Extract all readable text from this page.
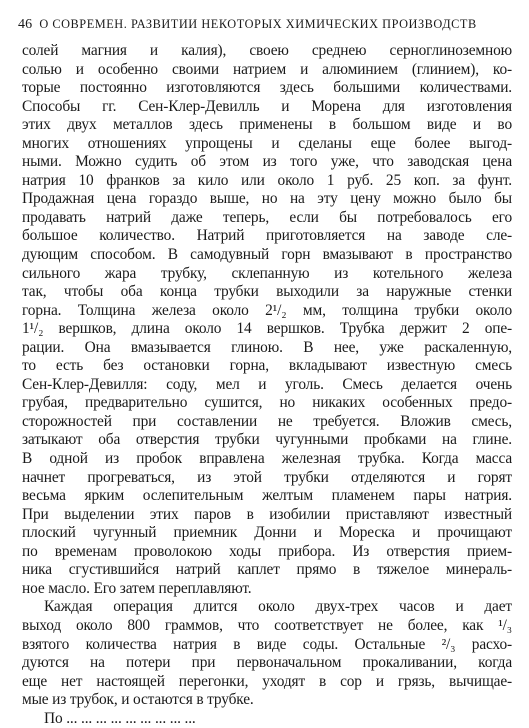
46 О СОВРЕМЕН. РАЗВИТИИ НЕКОТОРЫХ ХИМИЧЕСКИХ ПРОИЗВОДСТВ
солей магния и калия), своею среднею серноглиноземною
солью и особенно своими натрием и алюминием (глинием), ко-
торые постоянно изготовляются здесь большими количествами.
Способы гг. Сен-Клер-Девилль и Морена для изготовления
этих двух металлов здесь применены в большом виде и во
многих отношениях упрощены и сделаны еще более выгод-
ными. Можно судить об этом из того уже, что заводская цена
натрия 10 франков за кило или около 1 руб. 25 коп. за фунт.
Продажная цена гораздо выше, но на эту цену можно было бы
продавать натрий даже теперь, если бы потребовалось его
большое количество. Натрий приготовляется на заводе сле-
дующим способом. В самодувный горн вмазывают в пространство
сильного жара трубку, склепанную из котельного железа
так, чтобы оба конца трубки выходили за наружные стенки
горна. Толщина железа около 2¹/₂ мм, толщина трубки около
1¹/₂ вершков, длина около 14 вершков. Трубка держит 2 опе-
рации. Она вмазывается глиною. В нее, уже раскаленную,
то есть без остановки горна, вкладывают известную смесь
Сен-Клер-Девилля: соду, мел и уголь. Смесь делается очень
грубая, предварительно сушится, но никаких особенных предо-
сторожностей при составлении не требуется. Вложив смесь,
затыкают оба отверстия трубки чугунными пробками на глине.
В одной из пробок вправлена железная трубка. Когда масса
начнет прогреваться, из этой трубки отделяются и горят
весьма ярким ослепительным желтым пламенем пары натрия.
При выделении этих паров в изобилии приставляют известный
плоский чугунный приемник Донни и Мореска и прочищают
по временам проволокою ходы прибора. Из отверстия прием-
ника сгустившийся натрий каплет прямо в тяжелое минераль-
ное масло. Его затем переплавляют.
Каждая операция длится около двух-трех часов и дает
выход около 800 граммов, что соответствует не более, как ¹/₃
взятого количества натрия в виде соды. Остальные ²/₃ расхо-
дуются на потери при первоначальном прокаливании, когда
еще нет настоящей перегонки, уходят в сор и грязь, вычищае-
мые из трубок, и остаются в трубке.
По ... ... ... ... ... ... ... ... ...
